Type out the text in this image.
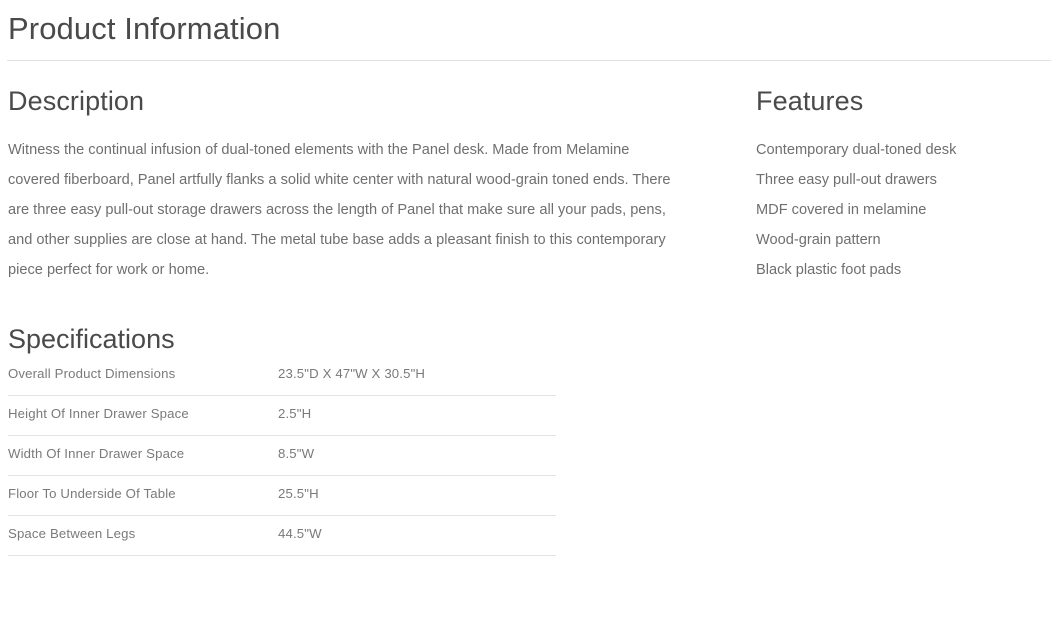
Product Information
Description

Witness the continual infusion of dual-toned elements with the Panel desk. Made from Melamine covered fiberboard, Panel artfully flanks a solid white center with natural wood-grain toned ends. There are three easy pull-out storage drawers across the length of Panel that make sure all your pads, pens, and other supplies are close at hand. The metal tube base adds a pleasant finish to this contemporary piece perfect for work or home.

Features
Contemporary dual-toned desk
Three easy pull-out drawers
MDF covered in melamine
Wood-grain pattern
Black plastic foot pads
Specifications
Overall Product Dimensions	23.5"D X 47"W X 30.5"H
Height Of Inner Drawer Space	2.5"H
Width Of Inner Drawer Space	8.5"W
Floor To Underside Of Table	25.5"H
Space Between Legs	44.5"W
